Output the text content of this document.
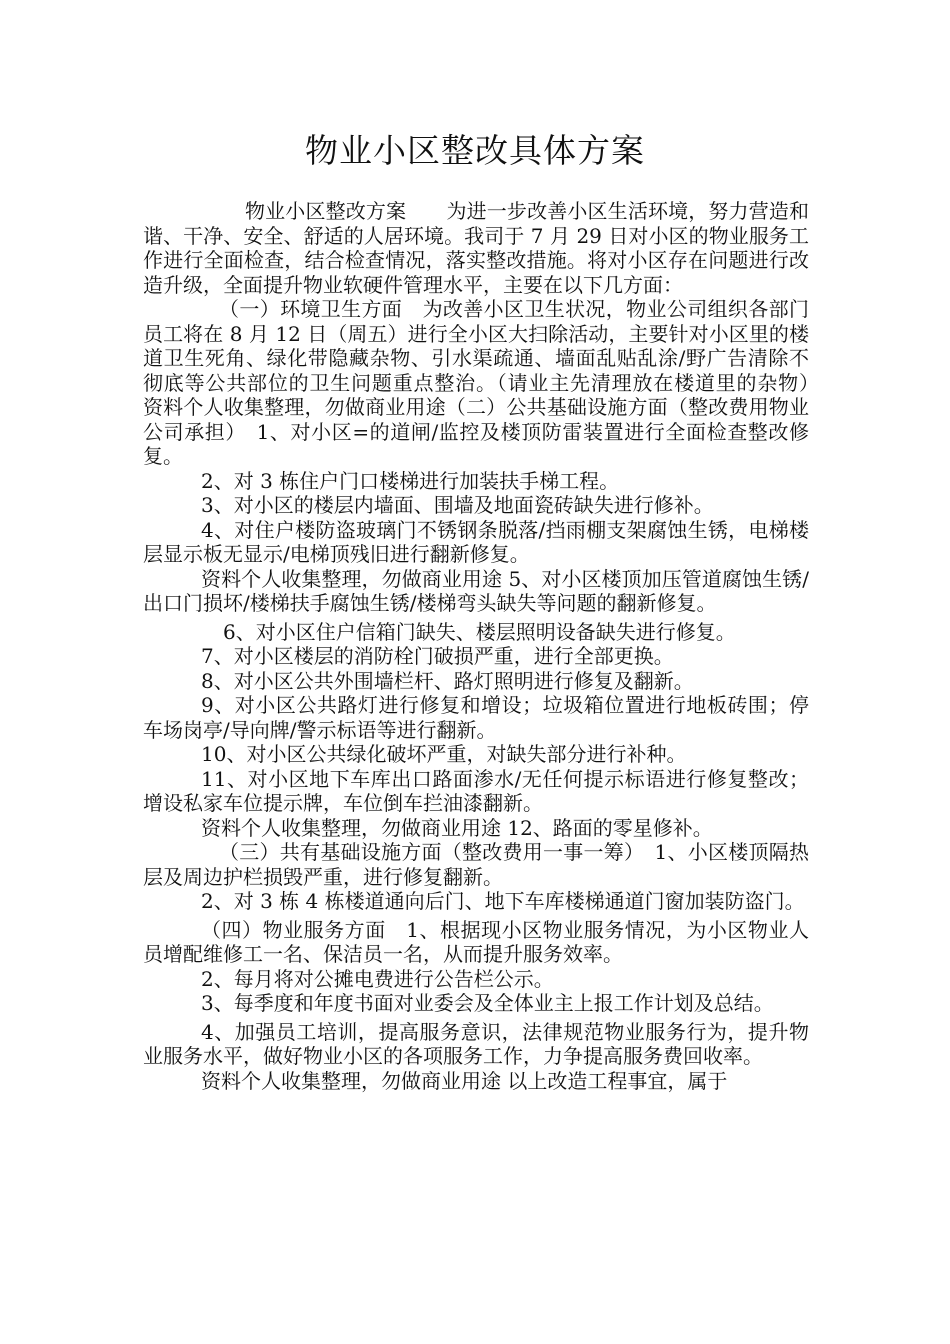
物业小区整改具体方案

物业小区整改方案　　为进一步改善小区生活环境，努力营造和谐、干净、安全、舒适的人居环境。我司于 7 月 29 日对小区的物业服务工作进行全面检查，结合检查情况，落实整改措施。将对小区存在问题进行改造升级，全面提升物业软硬件管理水平，主要在以下几方面：

（一）环境卫生方面　为改善小区卫生状况，物业公司组织各部门员工将在 8 月 12 日（周五）进行全小区大扫除活动，主要针对小区里的楼道卫生死角、绿化带隐藏杂物、引水渠疏通、墙面乱贴乱涂/野广告清除不彻底等公共部位的卫生问题重点整治。（请业主先清理放在楼道里的杂物）　资料个人收集整理，勿做商业用途（二）公共基础设施方面（整改费用物业公司承担）　1、对小区=的道闸/监控及楼顶防雷装置进行全面检查整改修复。

2、对 3 栋住户门口楼梯进行加装扶手梯工程。

3、对小区的楼层内墙面、围墙及地面瓷砖缺失进行修补。

4、对住户楼防盗玻璃门不锈钢条脱落/挡雨棚支架腐蚀生锈，电梯楼层显示板无显示/电梯顶残旧进行翻新修复。

资料个人收集整理，勿做商业用途 5、对小区楼顶加压管道腐蚀生锈/出口门损坏/楼梯扶手腐蚀生锈/楼梯弯头缺失等问题的翻新修复。

6、对小区住户信箱门缺失、楼层照明设备缺失进行修复。

7、对小区楼层的消防栓门破损严重，进行全部更换。

8、对小区公共外围墙栏杆、路灯照明进行修复及翻新。

9、对小区公共路灯进行修复和增设；垃圾箱位置进行地板砖围；停车场岗亭/导向牌/警示标语等进行翻新。

10、对小区公共绿化破坏严重，对缺失部分进行补种。

11、对小区地下车库出口路面渗水/无任何提示标语进行修复整改；增设私家车位提示牌，车位倒车拦油漆翻新。

资料个人收集整理，勿做商业用途 12、路面的零星修补。

（三）共有基础设施方面（整改费用一事一筹）　1、小区楼顶隔热层及周边护栏损毁严重，进行修复翻新。

2、对 3 栋 4 栋楼道通向后门、地下车库楼梯通道门窗加装防盗门。

（四）物业服务方面　1、根据现小区物业服务情况，为小区物业人员增配维修工一名、保洁员一名，从而提升服务效率。

2、每月将对公摊电费进行公告栏公示。

3、每季度和年度书面对业委会及全体业主上报工作计划及总结。

4、加强员工培训，提高服务意识，法律规范物业服务行为，提升物业服务水平，做好物业小区的各项服务工作，力争提高服务费回收率。

资料个人收集整理，勿做商业用途 以上改造工程事宜，属于
